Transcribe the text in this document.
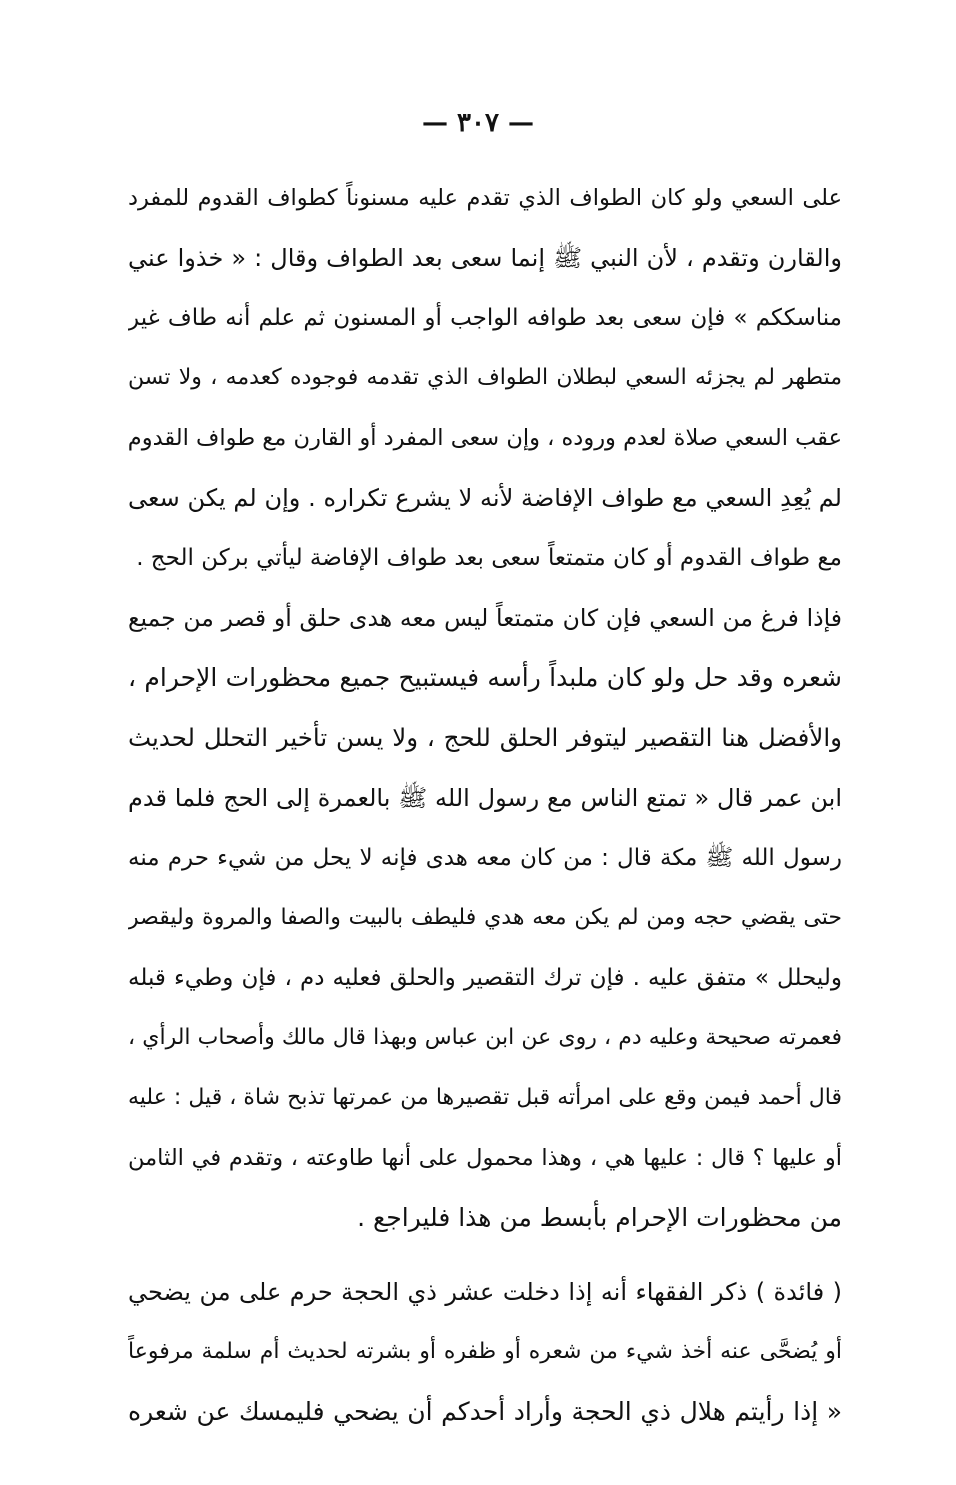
— ٣٠٧ —
على السعي ولو كان الطواف الذي تقدم عليه مسنوناً كطواف القدوم للمفرد
والقارن وتقدم ، لأن النبي ﷺ إنما سعى بعد الطواف وقال : « خذوا عني
مناسككم » فإن سعى بعد طوافه الواجب أو المسنون ثم علم أنه طاف غير
متطهر لم يجزئه السعي لبطلان الطواف الذي تقدمه فوجوده كعدمه ، ولا تسن
عقب السعي صلاة لعدم وروده ، وإن سعى المفرد أو القارن مع طواف القدوم
لم يُعِدِ السعي مع طواف الإفاضة لأنه لا يشرع تكراره . وإن لم يكن سعى
مع طواف القدوم أو كان متمتعاً سعى بعد طواف الإفاضة ليأتي بركن الحج .
فإذا فرغ من السعي فإن كان متمتعاً ليس معه هدى حلق أو قصر من جميع
شعره وقد حل ولو كان ملبداً رأسه فيستبيح جميع محظورات الإحرام ،
والأفضل هنا التقصير ليتوفر الحلق للحج ، ولا يسن تأخير التحلل لحديث
ابن عمر قال « تمتع الناس مع رسول الله ﷺ بالعمرة إلى الحج فلما قدم
رسول الله ﷺ مكة قال : من كان معه هدى فإنه لا يحل من شيء حرم منه
حتى يقضي حجه ومن لم يكن معه هدي فليطف بالبيت والصفا والمروة وليقصر
وليحلل » متفق عليه . فإن ترك التقصير والحلق فعليه دم ، فإن وطيء قبله
فعمرته صحيحة وعليه دم ، روى عن ابن عباس وبهذا قال مالك وأصحاب الرأي ،
قال أحمد فيمن وقع على امرأته قبل تقصيرها من عمرتها تذبح شاة ، قيل : عليه
أو عليها ؟ قال : عليها هي ، وهذا محمول على أنها طاوعته ، وتقدم في الثامن
من محظورات الإحرام بأبسط من هذا فليراجع .
( فائدة ) ذكر الفقهاء أنه إذا دخلت عشر ذي الحجة حرم على من يضحي
أو يُضحَّى عنه أخذ شيء من شعره أو ظفره أو بشرته لحديث أم سلمة مرفوعاً
« إذا رأيتم هلال ذي الحجة وأراد أحدكم أن يضحي فليمسك عن شعره
